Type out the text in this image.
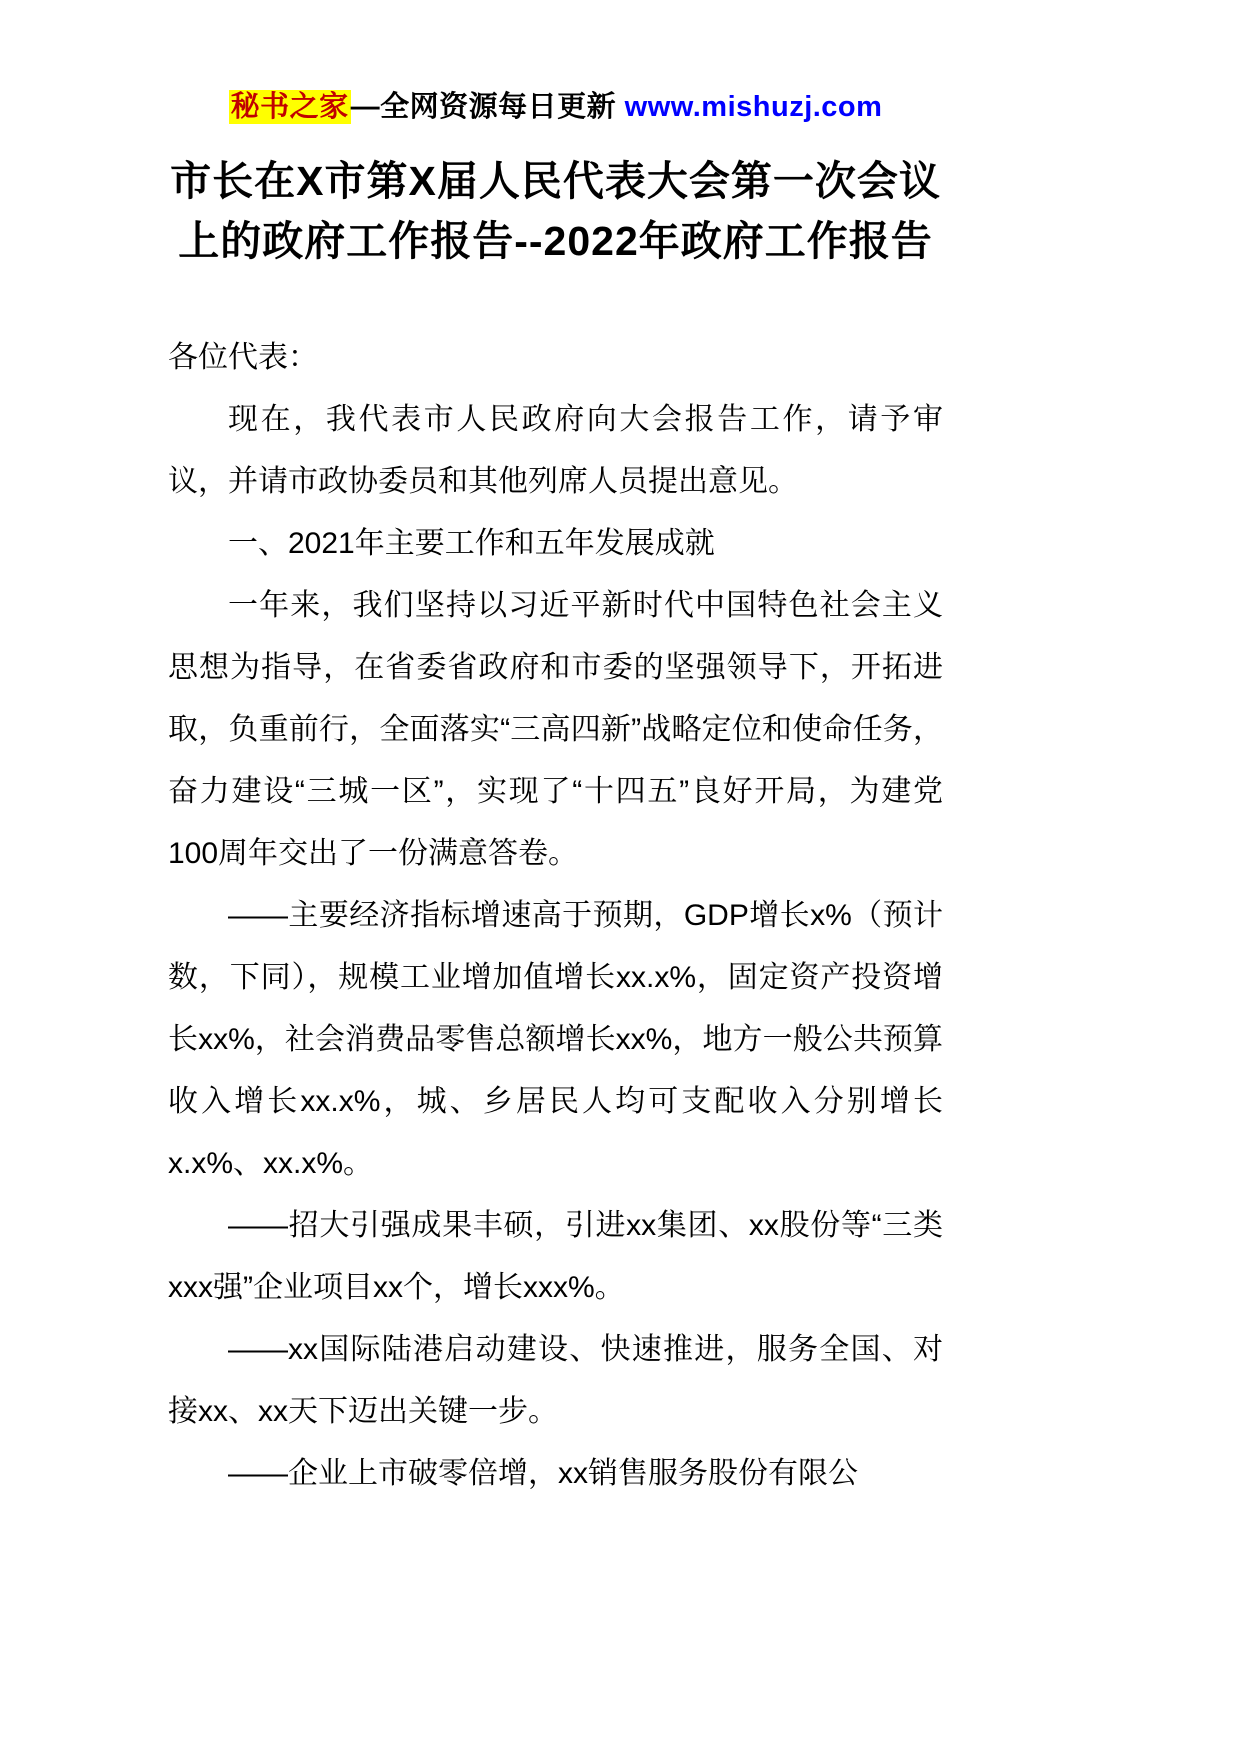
秘书之家—全网资源每日更新 www.mishuzj.com
市长在X市第X届人民代表大会第一次会议
上的政府工作报告--2022年政府工作报告

各位代表：

现在，我代表市人民政府向大会报告工作，请予审议，并请市政协委员和其他列席人员提出意见。

一、2021年主要工作和五年发展成就

一年来，我们坚持以习近平新时代中国特色社会主义思想为指导，在省委省政府和市委的坚强领导下，开拓进取，负重前行，全面落实“三高四新”战略定位和使命任务，奋力建设“三城一区”，实现了“十四五”良好开局，为建党100周年交出了一份满意答卷。

——主要经济指标增速高于预期，GDP增长x%（预计数，下同），规模工业增加值增长xx.x%，固定资产投资增长xx%，社会消费品零售总额增长xx%，地方一般公共预算收入增长xx.x%，城、乡居民人均可支配收入分别增长x.x%、xx.x%。

——招大引强成果丰硕，引进xx集团、xx股份等“三类xxx强”企业项目xx个，增长xxx%。

——xx国际陆港启动建设、快速推进，服务全国、对接xx、xx天下迈出关键一步。

——企业上市破零倍增，xx销售服务股份有限公
